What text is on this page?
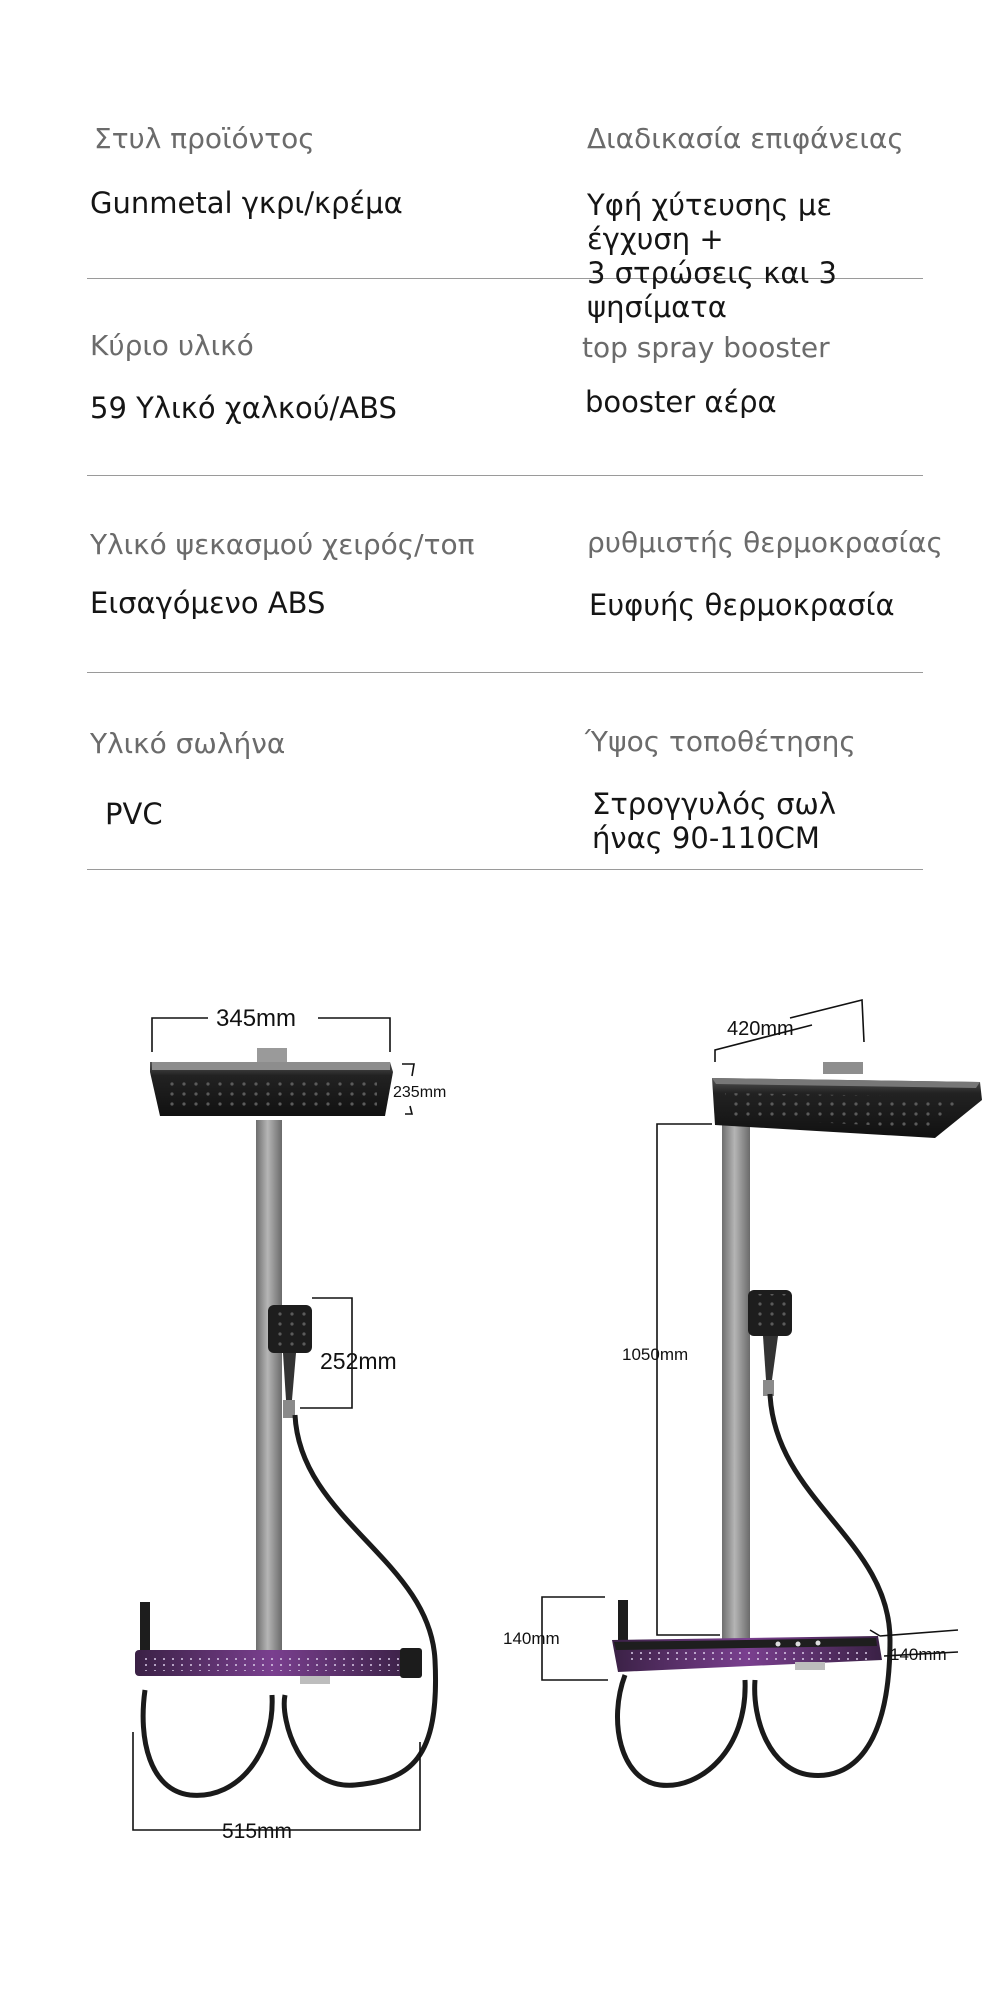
Στυλ προϊόντος
Gunmetal γκρι/κρέμα
Διαδικασία επιφάνειας
Υφή χύτευσης με έγχυση +
3 στρώσεις και 3 ψησίματα
Κύριο υλικό
59 Υλικό χαλκού/ABS
top spray booster
booster αέρα
Υλικό ψεκασμού χειρός/τοπ
Εισαγόμενο ABS
ρυθμιστής θερμοκρασίας
Ευφυής θερμοκρασία
Υλικό σωλήνα
PVC
Ύψος τοποθέτησης
Στρογγυλός σωλ
ήνας 90-110CM
345mm
235mm
252mm
515mm
420mm
1050mm
140mm
140mm
